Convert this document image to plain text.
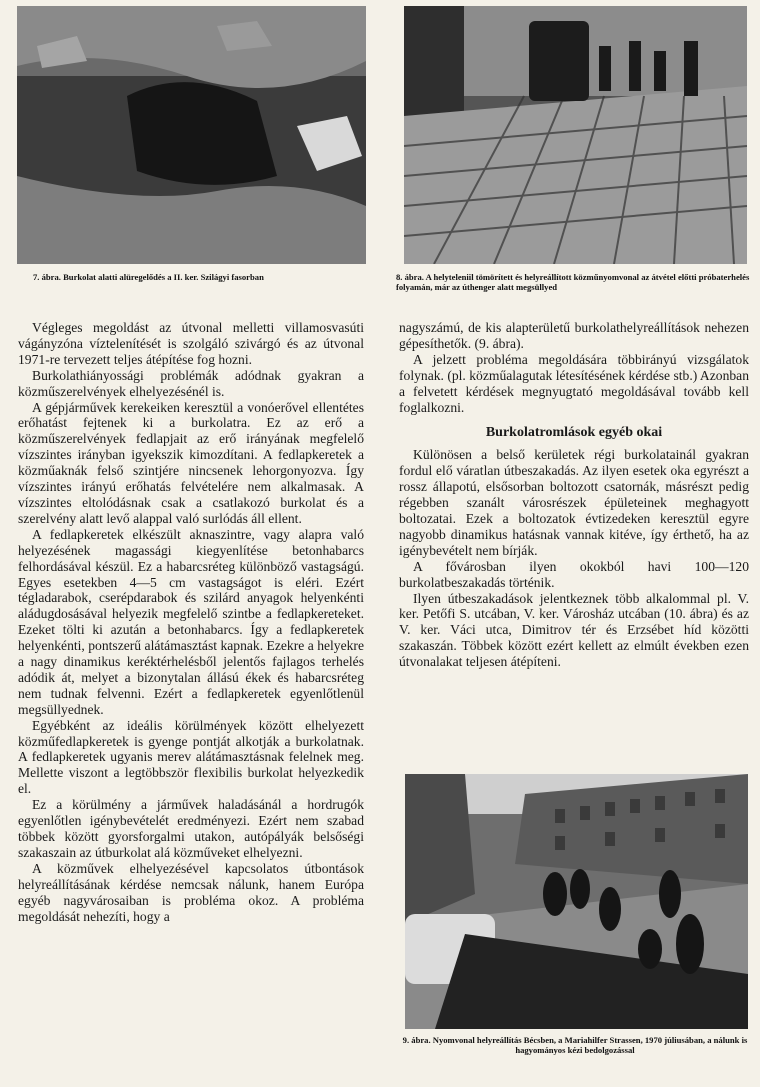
7. ábra. Burkolat alatti alüregelődés a II. ker. Szilágyi fasorban	8. ábra. A helyteleniil tömörített és helyreállított közműnyomvonal az átvétel előtti próbaterhelés folyamán, már az úthenger alatt megsüllyed

Végleges megoldást az útvonal melletti villamosvasúti vágányzóna víztelenítését is szolgáló szivárgó és az útvonal 1971-re tervezett teljes átépítése fog hozni.

Burkolathiányossági problémák adódnak gyakran a közműszerelvények elhelyezésénél is.

A gépjárművek kerekeiken keresztül a vonóerővel ellentétes erőhatást fejtenek ki a burkolatra. Ez az erő a közműszerelvények fedlapjait az erő irányának megfelelő vízszintes irányban igyekszik kimozdítani. A fedlapkeretek a közműaknák felső szintjére nincsenek lehorgonyozva. Így vízszintes irányú erőhatás felvételére nem alkalmasak. A vízszintes eltolódásnak csak a csatlakozó burkolat és a szerelvény alatt levő alappal való surlódás áll ellent.

A fedlapkeretek elkészült aknaszintre, vagy alapra való helyezésének magassági kiegyenlítése betonhabarcs felhordásával készül. Ez a habarcsréteg különböző vastagságú. Egyes esetekben 4—5 cm vastagságot is eléri. Ezért tégladarabok, cserépdarabok és szilárd anyagok helyenkénti aládugdosásával helyezik megfelelő szintbe a fedlapkereteket. Ezeket tölti ki azután a betonhabarcs. Így a fedlapkeretek helyenkénti, pontszerű alátámasztást kapnak. Ezekre a helyekre a nagy dinamikus keréktérhelésből jelentős fajlagos terhelés adódik át, melyet a bizonytalan állású ékek és habarcsréteg nem tudnak felvenni. Ezért a fedlapkeretek egyenlőtlenül megsüllyednek.

Egyébként az ideális körülmények között elhelyezett közműfedlapkeretek is gyenge pontját alkotják a burkolatnak. A fedlapkeretek ugyanis merev alátámasztásnak felelnek meg. Mellette viszont a legtöbbször flexibilis burkolat helyezkedik el.

Ez a körülmény a járművek haladásánál a hordrugók egyenlőtlen igénybevételét eredményezi. Ezért nem szabad többek között gyorsforgalmi utakon, autópályák belsőségi szakaszain az útburkolat alá közműveket elhelyezni.

A közművek elhelyezésével kapcsolatos útbontások helyreállításának kérdése nemcsak nálunk, hanem Európa egyéb nagyvárosaiban is probléma okoz. A probléma megoldását nehezíti, hogy a

nagyszámú, de kis alapterületű burkolathelyreállítások nehezen gépesíthetők. (9. ábra).

A jelzett probléma megoldására többirányú vizsgálatok folynak. (pl. közműalagutak létesítésének kérdése stb.) Azonban a felvetett kérdések megnyugtató megoldásával tovább kell foglalkozni.

Burkolatromlások egyéb okai

Különösen a belső kerületek régi burkolatainál gyakran fordul elő váratlan útbeszakadás. Az ilyen esetek oka egyrészt a rossz állapotú, elsősorban boltozott csatornák, másrészt pedig régebben szanált városrészek épületeinek meghagyott boltozatai. Ezek a boltozatok évtizedeken keresztül egyre nagyobb dinamikus hatásnak vannak kitéve, így érthető, ha az igénybevételt nem bírják.

A fővárosban ilyen okokból havi 100—120 burkolatbeszakadás történik.

Ilyen útbeszakadások jelentkeznek több alkalommal pl. V. ker. Petőfi S. utcában, V. ker. Városház utcában (10. ábra) és az V. ker. Váci utca, Dimitrov tér és Erzsébet híd közötti szakaszán. Többek között ezért kellett az elmúlt években ezen útvonalakat teljesen átépíteni.

9. ábra. Nyomvonal helyreállítás Bécsben, a Mariahilfer Strassen, 1970 júliusában, a nálunk is hagyományos kézi bedolgozással
